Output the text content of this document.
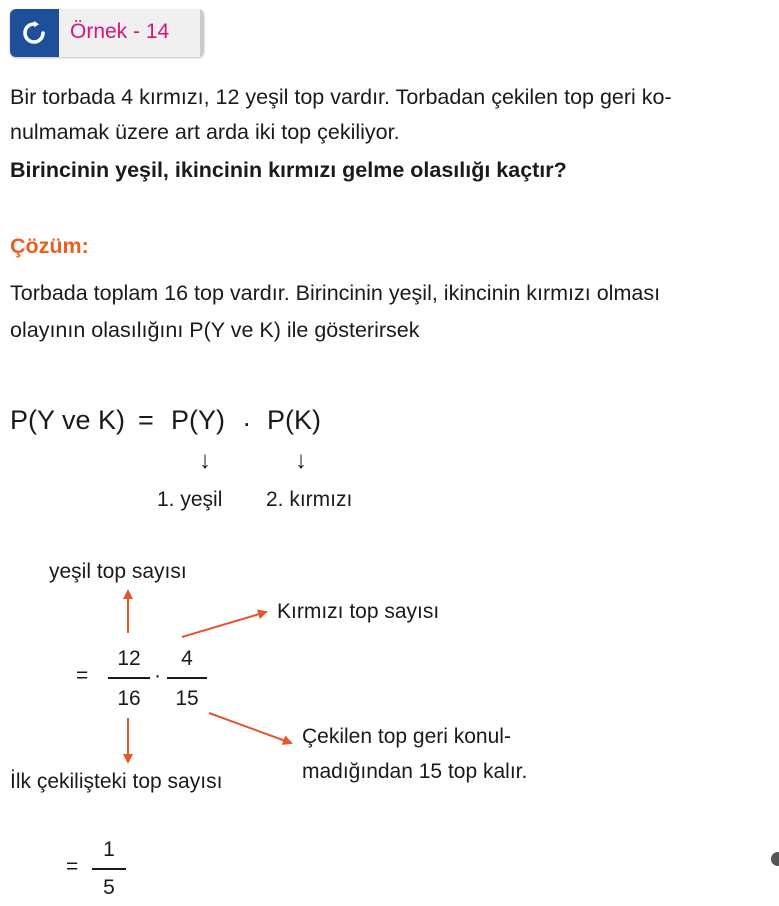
Örnek - 14
Bir torbada 4 kırmızı, 12 yeşil top vardır. Torbadan çekilen top geri ko-
nulmamak üzere art arda iki top çekiliyor.
Birincinin yeşil, ikincinin kırmızı gelme olasılığı kaçtır?
Çözüm:
Torbada toplam 16 top vardır. Birincinin yeşil, ikincinin kırmızı olması
olayının olasılığını P(Y ve K) ile gösterirsek
P(Y ve K) = P(Y) . P(K)
↓	↓
1. yeşil 2. kırmızı
yeşil top sayısı
Kırmızı top sayısı
=
12
16
·
4
15
Çekilen top geri konul-
madığından 15 top kalır.
İlk çekilişteki top sayısı
=
1
5
